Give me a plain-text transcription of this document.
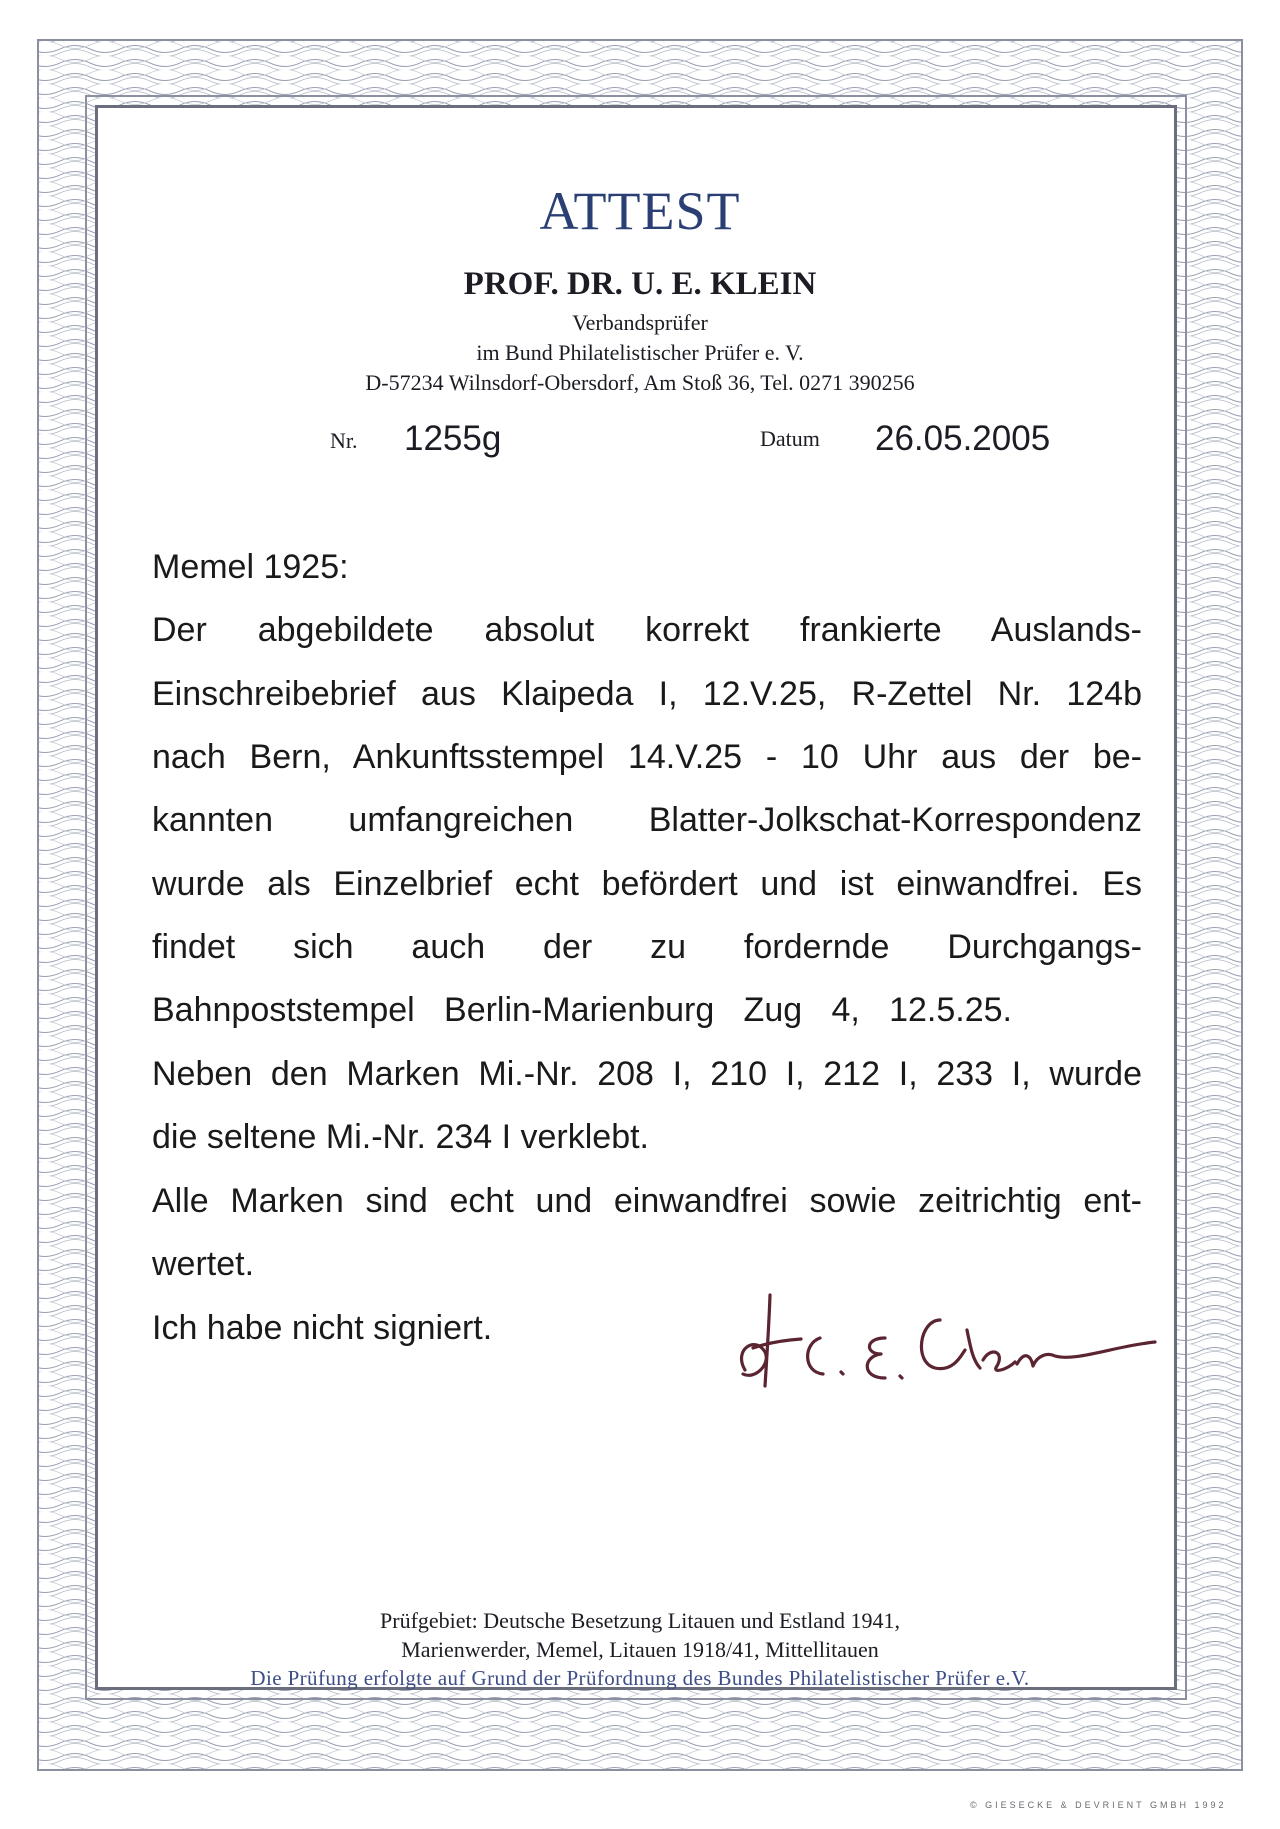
ATTEST
PROF. DR. U. E. KLEIN
Verbandsprüfer
im Bund Philatelistischer Prüfer e. V.
D-57234 Wilnsdorf-Obersdorf, Am Stoß 36, Tel. 0271 390256
Nr. 1255g	Datum 26.05.2005
Memel 1925:
Der abgebildete absolut korrekt frankierte Auslands-
Einschreibebrief aus Klaipeda I, 12.V.25, R-Zettel Nr. 124b
nach Bern, Ankunftsstempel 14.V.25 - 10 Uhr aus der be-
kannten umfangreichen Blatter-Jolkschat-Korrespondenz
wurde als Einzelbrief echt befördert und ist einwandfrei. Es
findet sich auch der zu fordernde Durchgangs-
Bahnpoststempel Berlin-Marienburg Zug 4, 12.5.25.
Neben den Marken Mi.-Nr. 208 I, 210 I, 212 I, 233 I, wurde
die seltene Mi.-Nr. 234 I verklebt.
Alle Marken sind echt und einwandfrei sowie zeitrichtig ent-
wertet.
Ich habe nicht signiert.
Prüfgebiet: Deutsche Besetzung Litauen und Estland 1941,
Marienwerder, Memel, Litauen 1918/41, Mittellitauen
Die Prüfung erfolgte auf Grund der Prüfordnung des Bundes Philatelistischer Prüfer e.V.
© GIESECKE & DEVRIENT GMBH 1992
